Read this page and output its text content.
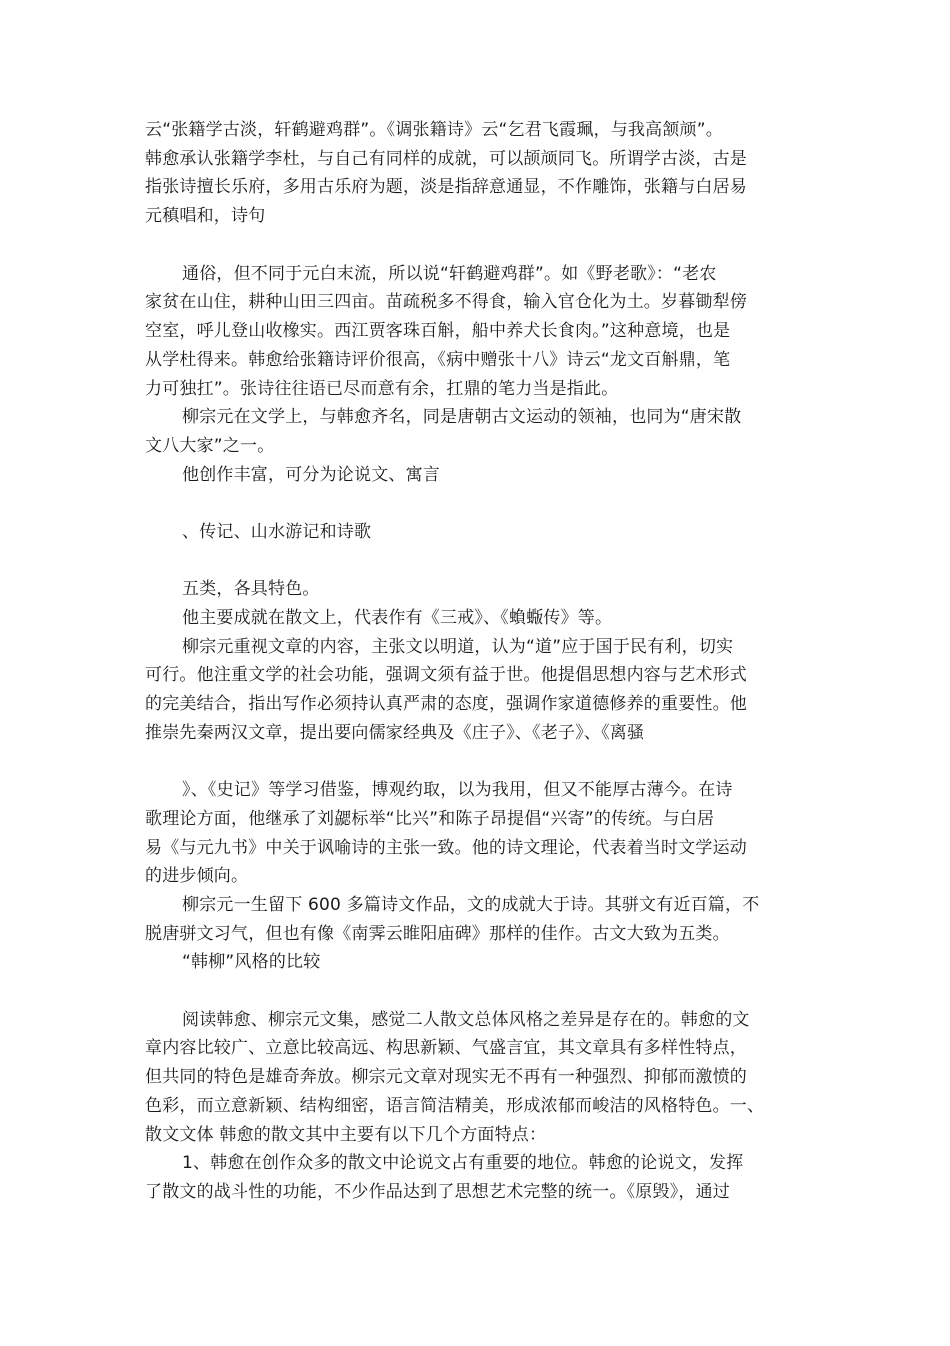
云“张籍学古淡，轩鹤避鸡群”。《调张籍诗》云“乞君飞霞珮，与我高颔颃”。
韩愈承认张籍学李杜，与自己有同样的成就，可以颉颃同飞。所谓学古淡，古是
指张诗擅长乐府，多用古乐府为题，淡是指辞意通显，不作雕饰，张籍与白居易
元稹唱和，诗句
通俗，但不同于元白末流，所以说“轩鹤避鸡群”。如《野老歌》：“老农
家贫在山住，耕种山田三四亩。苗疏税多不得食，输入官仓化为土。岁暮锄犁傍
空室，呼儿登山收橡实。西江贾客珠百斛，船中养犬长食肉。”这种意境，也是
从学杜得来。韩愈给张籍诗评价很高，《病中赠张十八》诗云“龙文百斛鼎，笔
力可独扛”。张诗往往语已尽而意有余，扛鼎的笔力当是指此。
柳宗元在文学上，与韩愈齐名，同是唐朝古文运动的领袖，也同为“唐宋散
文八大家”之一。
他创作丰富，可分为论说文、寓言
、传记、山水游记和诗歌
五类，各具特色。
他主要成就在散文上，代表作有《三戒》、《蝜蝂传》等。
柳宗元重视文章的内容，主张文以明道，认为“道”应于国于民有利，切实
可行。他注重文学的社会功能，强调文须有益于世。他提倡思想内容与艺术形式
的完美结合，指出写作必须持认真严肃的态度，强调作家道德修养的重要性。他
推崇先秦两汉文章，提出要向儒家经典及《庄子》、《老子》、《离骚
》、《史记》等学习借鉴，博观约取，以为我用，但又不能厚古薄今。在诗
歌理论方面，他继承了刘勰标举“比兴”和陈子昂提倡“兴寄”的传统。与白居
易《与元九书》中关于讽喻诗的主张一致。他的诗文理论，代表着当时文学运动
的进步倾向。
柳宗元一生留下 600 多篇诗文作品，文的成就大于诗。其骈文有近百篇，不
脱唐骈文习气，但也有像《南霁云睢阳庙碑》那样的佳作。古文大致为五类。
“韩柳”风格的比较
阅读韩愈、柳宗元文集，感觉二人散文总体风格之差异是存在的。韩愈的文
章内容比较广、立意比较高远、构思新颖、气盛言宜，其文章具有多样性特点，
但共同的特色是雄奇奔放。柳宗元文章对现实无不再有一种强烈、抑郁而激愤的
色彩，而立意新颖、结构细密，语言简洁精美，形成浓郁而峻洁的风格特色。一、
散文文体 韩愈的散文其中主要有以下几个方面特点：
1、韩愈在创作众多的散文中论说文占有重要的地位。韩愈的论说文，发挥
了散文的战斗性的功能，不少作品达到了思想艺术完整的统一。《原毁》，通过
